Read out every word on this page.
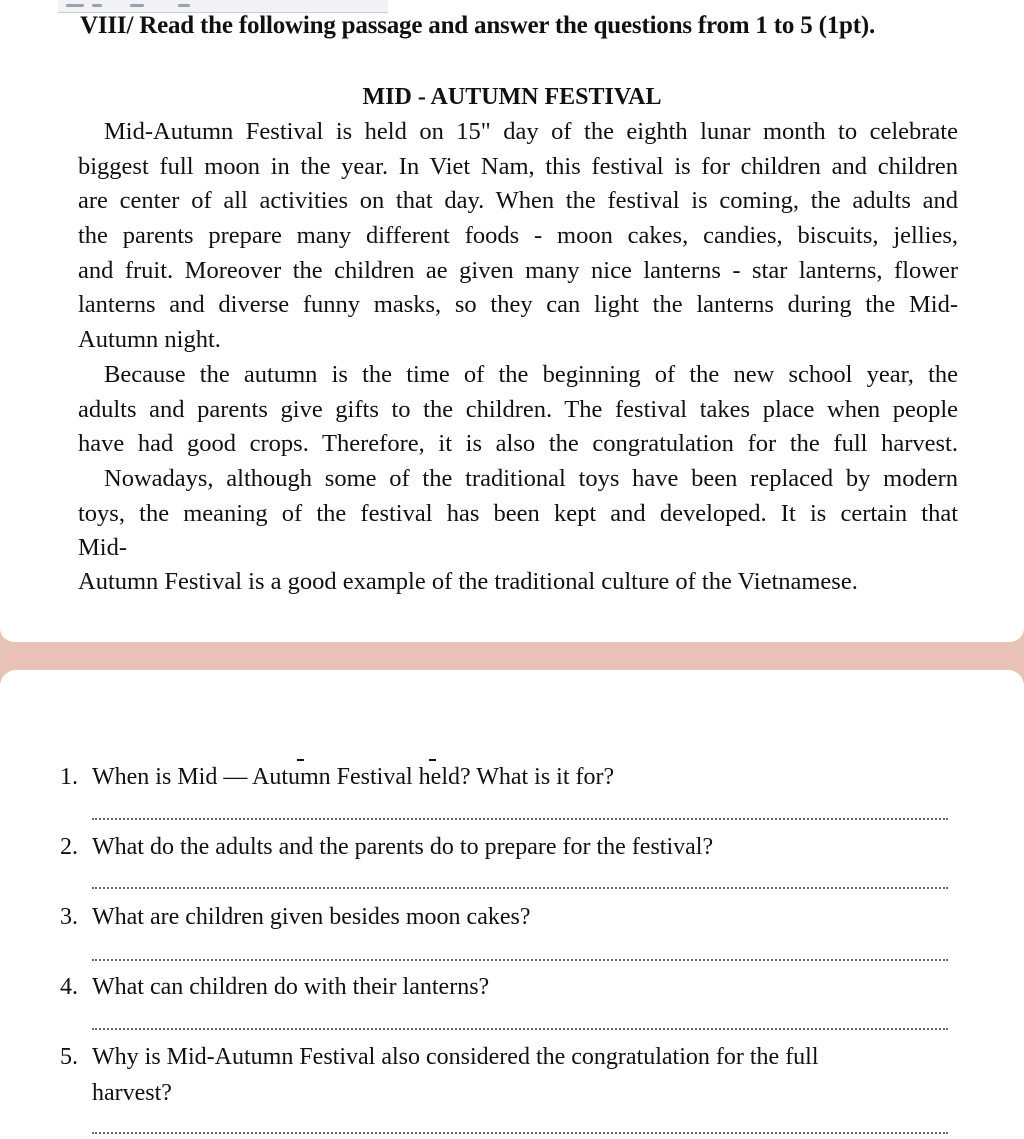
VIII/ Read the following passage and answer the questions from 1 to 5 (1pt).
MID - AUTUMN FESTIVAL
Mid-Autumn Festival is held on 15" day of the eighth lunar month to celebrate
biggest full moon in the year. In Viet Nam, this festival is for children and children
are center of all activities on that day. When the festival is coming, the adults and
the parents prepare many different foods - moon cakes, candies, biscuits, jellies,
and fruit. Moreover the children ae given many nice lanterns - star lanterns, flower
lanterns and diverse funny masks, so they can light the lanterns during the Mid-
Autumn night.
Because the autumn is the time of the beginning of the new school year, the
adults and parents give gifts to the children. The festival takes place when people
have had good crops. Therefore, it is also the congratulation for the full harvest.
Nowadays, although some of the traditional toys have been replaced by modern
toys, the meaning of the festival has been kept and developed. It is certain that
Mid-
Autumn Festival is a good example of the traditional culture of the Vietnamese.
1. When is Mid — Autumn Festival held? What is it for?
2. What do the adults and the parents do to prepare for the festival?
3. What are children given besides moon cakes?
4. What can children do with their lanterns?
5. Why is Mid-Autumn Festival also considered the congratulation for the full
harvest?
